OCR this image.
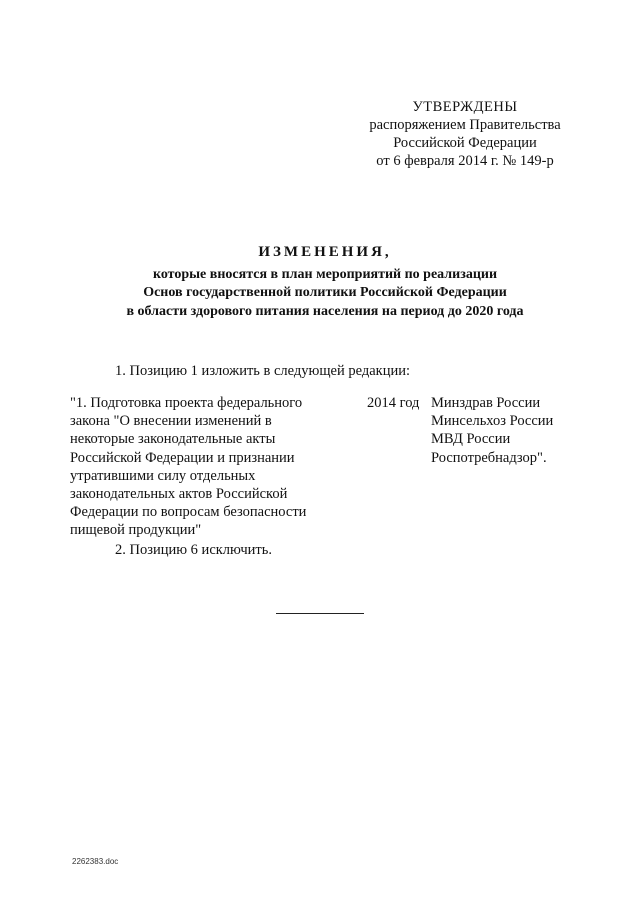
УТВЕРЖДЕНЫ
распоряжением Правительства
Российской Федерации
от 6 февраля 2014 г. № 149-р
ИЗМЕНЕНИЯ,
которые вносятся в план мероприятий по реализации
Основ государственной политики Российской Федерации
в области здорового питания населения на период до 2020 года
1. Позицию 1 изложить в следующей редакции:
"1. Подготовка проекта федерального
закона "О внесении изменений в
некоторые законодательные акты
Российской Федерации и признании
утратившими силу отдельных
законодательных актов Российской
Федерации по вопросам безопасности
пищевой продукции"
2014 год Минздрав России
Минсельхоз России
МВД России
Роспотребнадзор".
2. Позицию 6 исключить.
2262383.doc
